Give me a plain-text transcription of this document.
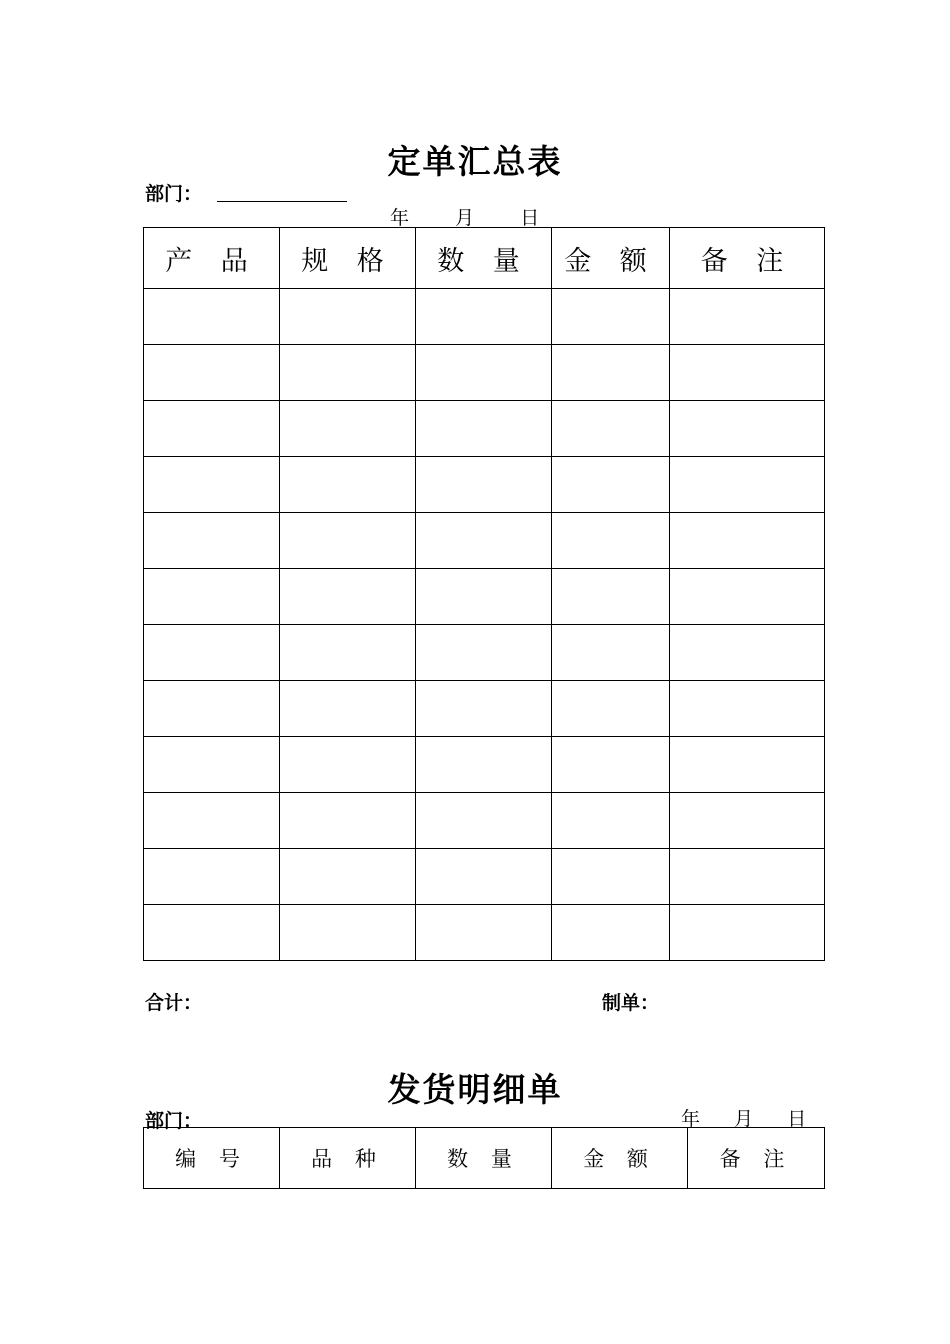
定单汇总表
部门：
年 月 日
产 品	规 格	数 量	金 额	备 注

合计：	制单：
发货明细单
部门：	年 月 日
编 号	品 种	数 量	金 额	备 注
